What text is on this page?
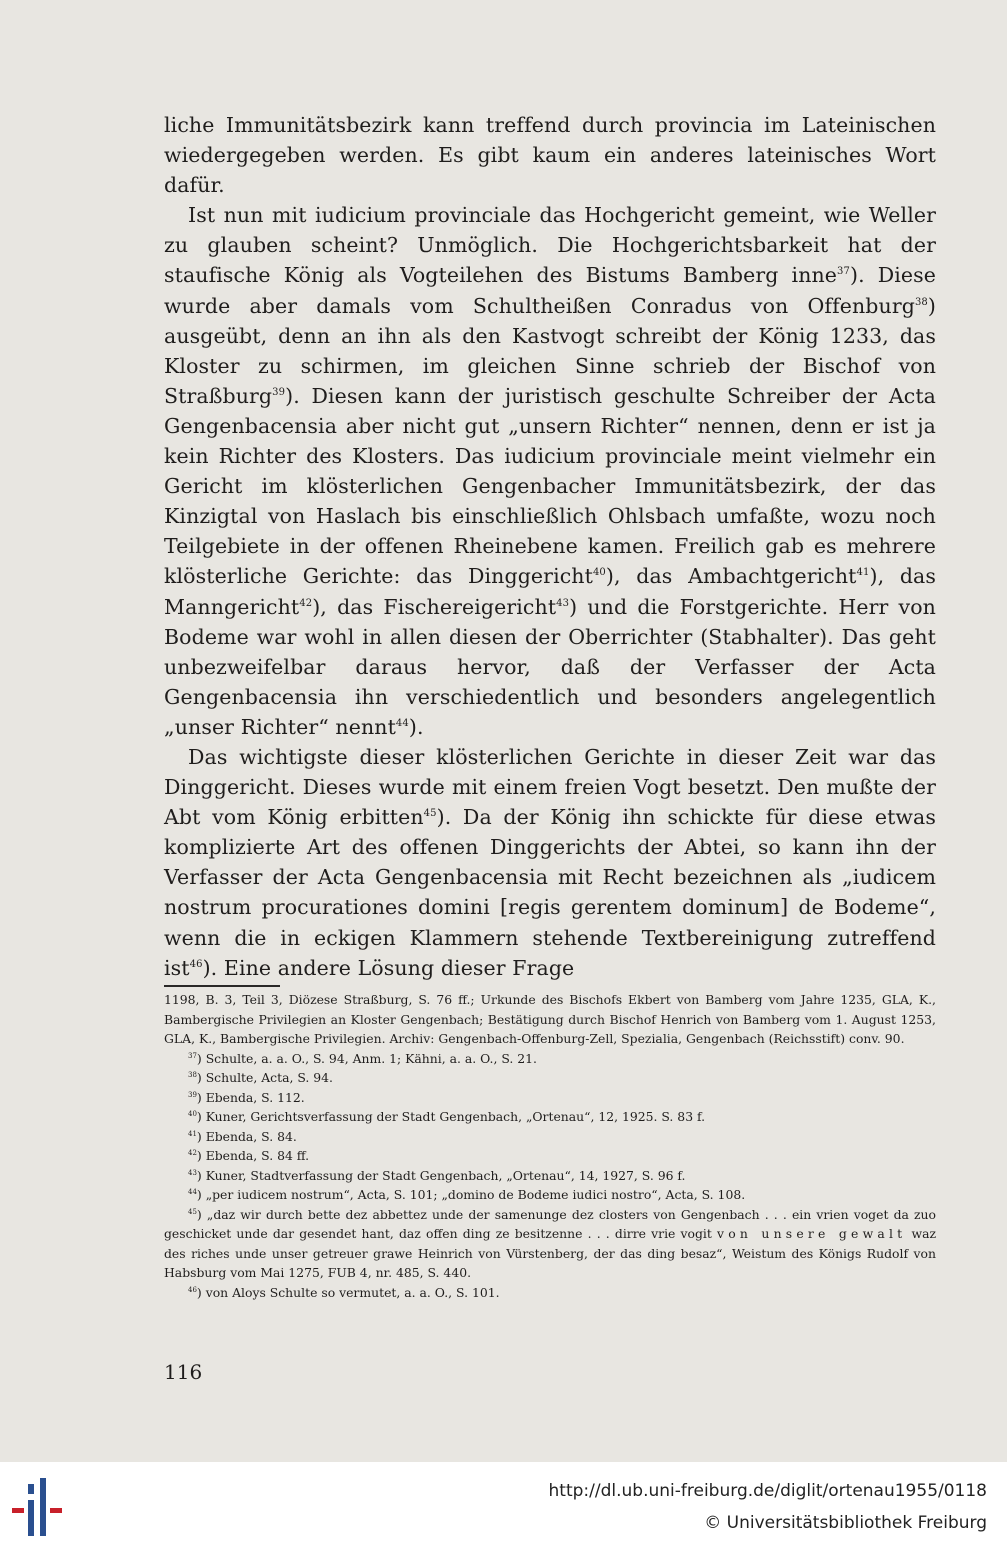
liche Immunitätsbezirk kann treffend durch provincia im Lateinischen wiedergegeben werden. Es gibt kaum ein anderes lateinisches Wort dafür.

Ist nun mit iudicium provinciale das Hochgericht gemeint, wie Weller zu glauben scheint? Unmöglich. Die Hochgerichtsbarkeit hat der staufische König als Vogteilehen des Bistums Bamberg inne$^{37}$). Diese wurde aber damals vom Schultheißen Conradus von Offenburg$^{38}$) ausgeübt, denn an ihn als den Kastvogt schreibt der König 1233, das Kloster zu schirmen, im gleichen Sinne schrieb der Bischof von Straßburg$^{39}$). Diesen kann der juristisch geschulte Schreiber der Acta Gengenbacensia aber nicht gut „unsern Richter“ nennen, denn er ist ja kein Richter des Klosters. Das iudicium provinciale meint vielmehr ein Gericht im klösterlichen Gengenbacher Immunitätsbezirk, der das Kinzigtal von Haslach bis einschließlich Ohlsbach umfaßte, wozu noch Teilgebiete in der offenen Rheinebene kamen. Freilich gab es mehrere klösterliche Gerichte: das Dinggericht$^{40}$), das Ambachtgericht$^{41}$), das Manngericht$^{42}$), das Fischereigericht$^{43}$) und die Forstgerichte. Herr von Bodeme war wohl in allen diesen der Oberrichter (Stabhalter). Das geht unbezweifelbar daraus hervor, daß der Verfasser der Acta Gengenbacensia ihn verschiedentlich und besonders angelegentlich „unser Richter“ nennt$^{44}$).

Das wichtigste dieser klösterlichen Gerichte in dieser Zeit war das Dinggericht. Dieses wurde mit einem freien Vogt besetzt. Den mußte der Abt vom König erbitten$^{45}$). Da der König ihn schickte für diese etwas komplizierte Art des offenen Dinggerichts der Abtei, so kann ihn der Verfasser der Acta Gengenbacensia mit Recht bezeichnen als „iudicem nostrum procurationes domini [regis gerentem dominum] de Bodeme“, wenn die in eckigen Klammern stehende Textbereinigung zutreffend ist$^{46}$). Eine andere Lösung dieser Frage

1198, B. 3, Teil 3, Diözese Straßburg, S. 76 ff.; Urkunde des Bischofs Ekbert von Bamberg vom Jahre 1235, GLA, K., Bambergische Privilegien an Kloster Gengenbach; Bestätigung durch Bischof Henrich von Bamberg vom 1. August 1253, GLA, K., Bambergische Privilegien. Archiv: Gengenbach-Offenburg-Zell, Spezialia, Gengenbach (Reichsstift) conv. 90.

$^{37}$) Schulte, a. a. O., S. 94, Anm. 1; Kähni, a. a. O., S. 21.

$^{38}$) Schulte, Acta, S. 94.

$^{39}$) Ebenda, S. 112.

$^{40}$) Kuner, Gerichtsverfassung der Stadt Gengenbach, „Ortenau“, 12, 1925. S. 83 f.

$^{41}$) Ebenda, S. 84.

$^{42}$) Ebenda, S. 84 ff.

$^{43}$) Kuner, Stadtverfassung der Stadt Gengenbach, „Ortenau“, 14, 1927, S. 96 f.

$^{44}$) „per iudicem nostrum“, Acta, S. 101; „domino de Bodeme iudici nostro“, Acta, S. 108.

$^{45}$) „daz wir durch bette dez abbettez unde der samenunge dez closters von Gengenbach . . . ein vrien voget da zuo geschicket unde dar gesendet hant, daz offen ding ze besitzenne . . . dirre vrie vogit von unsere gewalt waz des riches unde unser getreuer grawe Heinrich von Vürstenberg, der das ding besaz“, Weistum des Königs Rudolf von Habsburg vom Mai 1275, FUB 4, nr. 485, S. 440.

$^{46}$) von Aloys Schulte so vermutet, a. a. O., S. 101.

116
http://dl.ub.uni-freiburg.de/diglit/ortenau1955/0118
© Universitätsbibliothek Freiburg
